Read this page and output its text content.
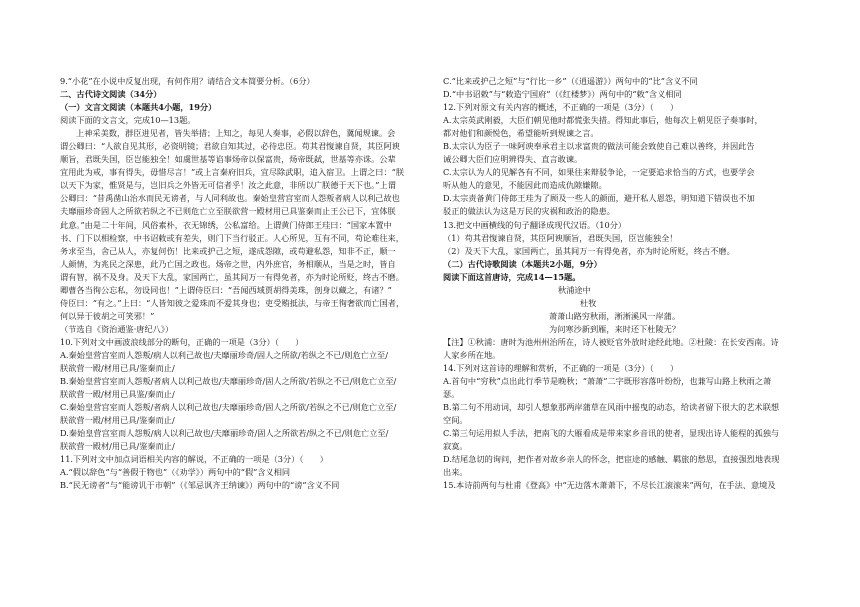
9.“小花”在小说中反复出现，有何作用？请结合文本简要分析。（6分）
二、古代诗文阅读（34分）
（一）文言文阅读（本题共4小题，19分）
阅读下面的文言文，完成10—13题。
上神采美数，群臣进见者，皆失举措；上知之，每见人奏事，必假以辞色，冀闻规谏。会
谓公卿曰：“人欲自见其形，必资明镜；君欲自知其过，必待忠臣。苟其君愎谏自贤，其臣阿谀
顺旨，君既失国，臣岂能独全！如虞世基等谄事炀帝以保富贵，炀帝既弑，世基等亦诛。公辈
宜用此为戒，事有得失，毋惜尽言！”或上言秦府旧兵，宜尽除武职，追入宿卫。上谓之曰：“朕
以天下为家，惟贤是与，岂旧兵之外皆无可信者乎！汝之此意，非所以广朕德于天下也。”上谓
公卿曰：“昔禹凿山治水而民无谤者，与人同利故也。秦始皇营宫室而人怨叛者病人以利己故也
夫靡丽珍奇固人之所欲若纵之不已则危亡立至朕欲营一殿材用已具鉴秦而止王公已下，宜体朕
此意。”由是二十年间，风俗素朴，衣无锦绣，公私富给。上谓黄门侍郎王珪曰：“国家本置中
书、门下以相检察，中书诏敕或有差失，则门下当行驳正。人心所见，互有不同，苟论难往来，
务求至当，舍己从人，亦复何伤！比来或护己之短，遂成怨隙，或苟避私怨，知非不正，顺一
人颜情，为兆民之深患，此乃亡国之政也。炀帝之世，内外庶官，务相顺从，当是之时，皆自
谓有智，祸不及身。及天下大乱，家国两亡，虽其间万一有得免者，亦为时论所贬，终古不磨。
卿曹各当徇公忘私，勿设同也！”上谓侍臣曰：“吾闻西域贾胡得美珠，剖身以藏之，有诸？”
侍臣曰：“有之。”上曰：“人皆知彼之爱珠而不爱其身也；吏受贿抵法，与帝王徇奢欲而亡国者，
何以异于彼胡之可笑邪！”
（节选自《资治通鉴·唐纪八》）
10.下列对文中画波浪线部分的断句，正确的一项是（3分）（　　）
A.秦始皇营宫室而人怨叛/病人以利己故也/夫靡丽珍奇/固人之所欲/若纵之不已/则危亡立至/
朕欲营一殿/材用已具/鉴秦而止/
B.秦始皇营宫室而人怨叛/者病人以利己故也/夫靡丽珍奇/固人之所欲/若纵之不已/则危亡立至/
朕欲营一殿/材用已具鉴/秦而止/
C.秦始皇营宫室而人怨叛/者病人以利己故也/夫靡丽珍奇/固人之所欲/若纵之不已/则危亡立至/
朕欲营一殿/材用已具/鉴秦而止/
D.秦始皇营宫室而人怨叛/病人以利己故也/夫靡丽珍奇/固人之所欲若/纵之不已/则危亡立至/
朕欲营一殿材/用已具/鉴秦而止/
11.下列对文中加点词语相关内容的解说，不正确的一项是（3分）（　　）
A.“假以辞色”与“善假于物也”（《劝学》）两句中的“假”含义相同
B.“民无谤者”与“能谤讥于市朝”（《邹忌讽齐王纳谏》）两句中的“谤”含义不同
C.“比来或护己之短”与“行比一乡”（《逍遥游》）两句中的“比”含义不同
D.“中书诏敕”与“敕造宁国府”（《红楼梦》）两句中的“敕”含义相同
12.下列对原文有关内容的概述，不正确的一项是（3分）（　　）
A.太宗英武刚毅，大臣们朝见他时都慌张失措。得知此事后，他每次上朝见臣子奏事时，
都对他们和颜悦色，希望能听到规谏之言。
B.太宗认为臣子一味阿谀奉承君主以求富贵的做法可能会致使自己难以善终，并因此告
诫公卿大臣们应明辨得失、直言敢谏。
C.太宗认为人的见解各有不同，如果往来辩驳争论，一定要追求恰当的方式，也要学会
听从他人的意见，不能因此而造成仇隙嫌隙。
D.太宗责备黄门侍郎王珪为了顾及一些人的颜面，避开私人恩怨，明知道下错误也不加
驳正的做法认为这是万民的灾祸和政治的隐患。
13.把文中画横线的句子翻译成现代汉语。（10分）
（1）苟其君愎谏自贤，其臣阿谀顺旨，君既失国，臣岂能独全！
（2）及天下大乱，家国两亡，虽其间万一有得免者，亦为时论所贬，终古不磨。
（二）古代诗歌阅读（本题共2小题，9分）
阅读下面这首唐诗，完成14—15题。
秋浦途中
杜牧
萧萧山路穷秋雨，淅淅溪风一岸蒲。
为问寒沙新到雁，来时还下杜陵无？
【注】①秋浦：唐时为池州州治所在，诗人被贬官外放时途经此地。②杜陵：在长安西南。诗
人家乡所在地。
14.下列对这首诗的理解和赏析，不正确的一项是（3分）（　　）
A.首句中“穷秋”点出此行季节是晚秋；“萧萧”二字既形容落叶纷纷，也兼写山路上秋雨之萧
瑟。
B.第二句不用动词，却引人想象那两岸蒲草在风雨中摇曳的动态，给读者留下很大的艺术联想
空间。
C.第三句运用拟人手法，把南飞的大雁看成是带来家乡音讯的使者，显现出诗人能程的孤独与
寂寞。
D.结尾急切的询问，把作者对故乡亲人的怀念，把宦途的感触、羁旅的愁思，直接强烈地表现
出来。
15.本诗前两句与杜甫《登高》中“无边落木萧萧下，不尽长江滚滚来”两句，在手法、意境及
